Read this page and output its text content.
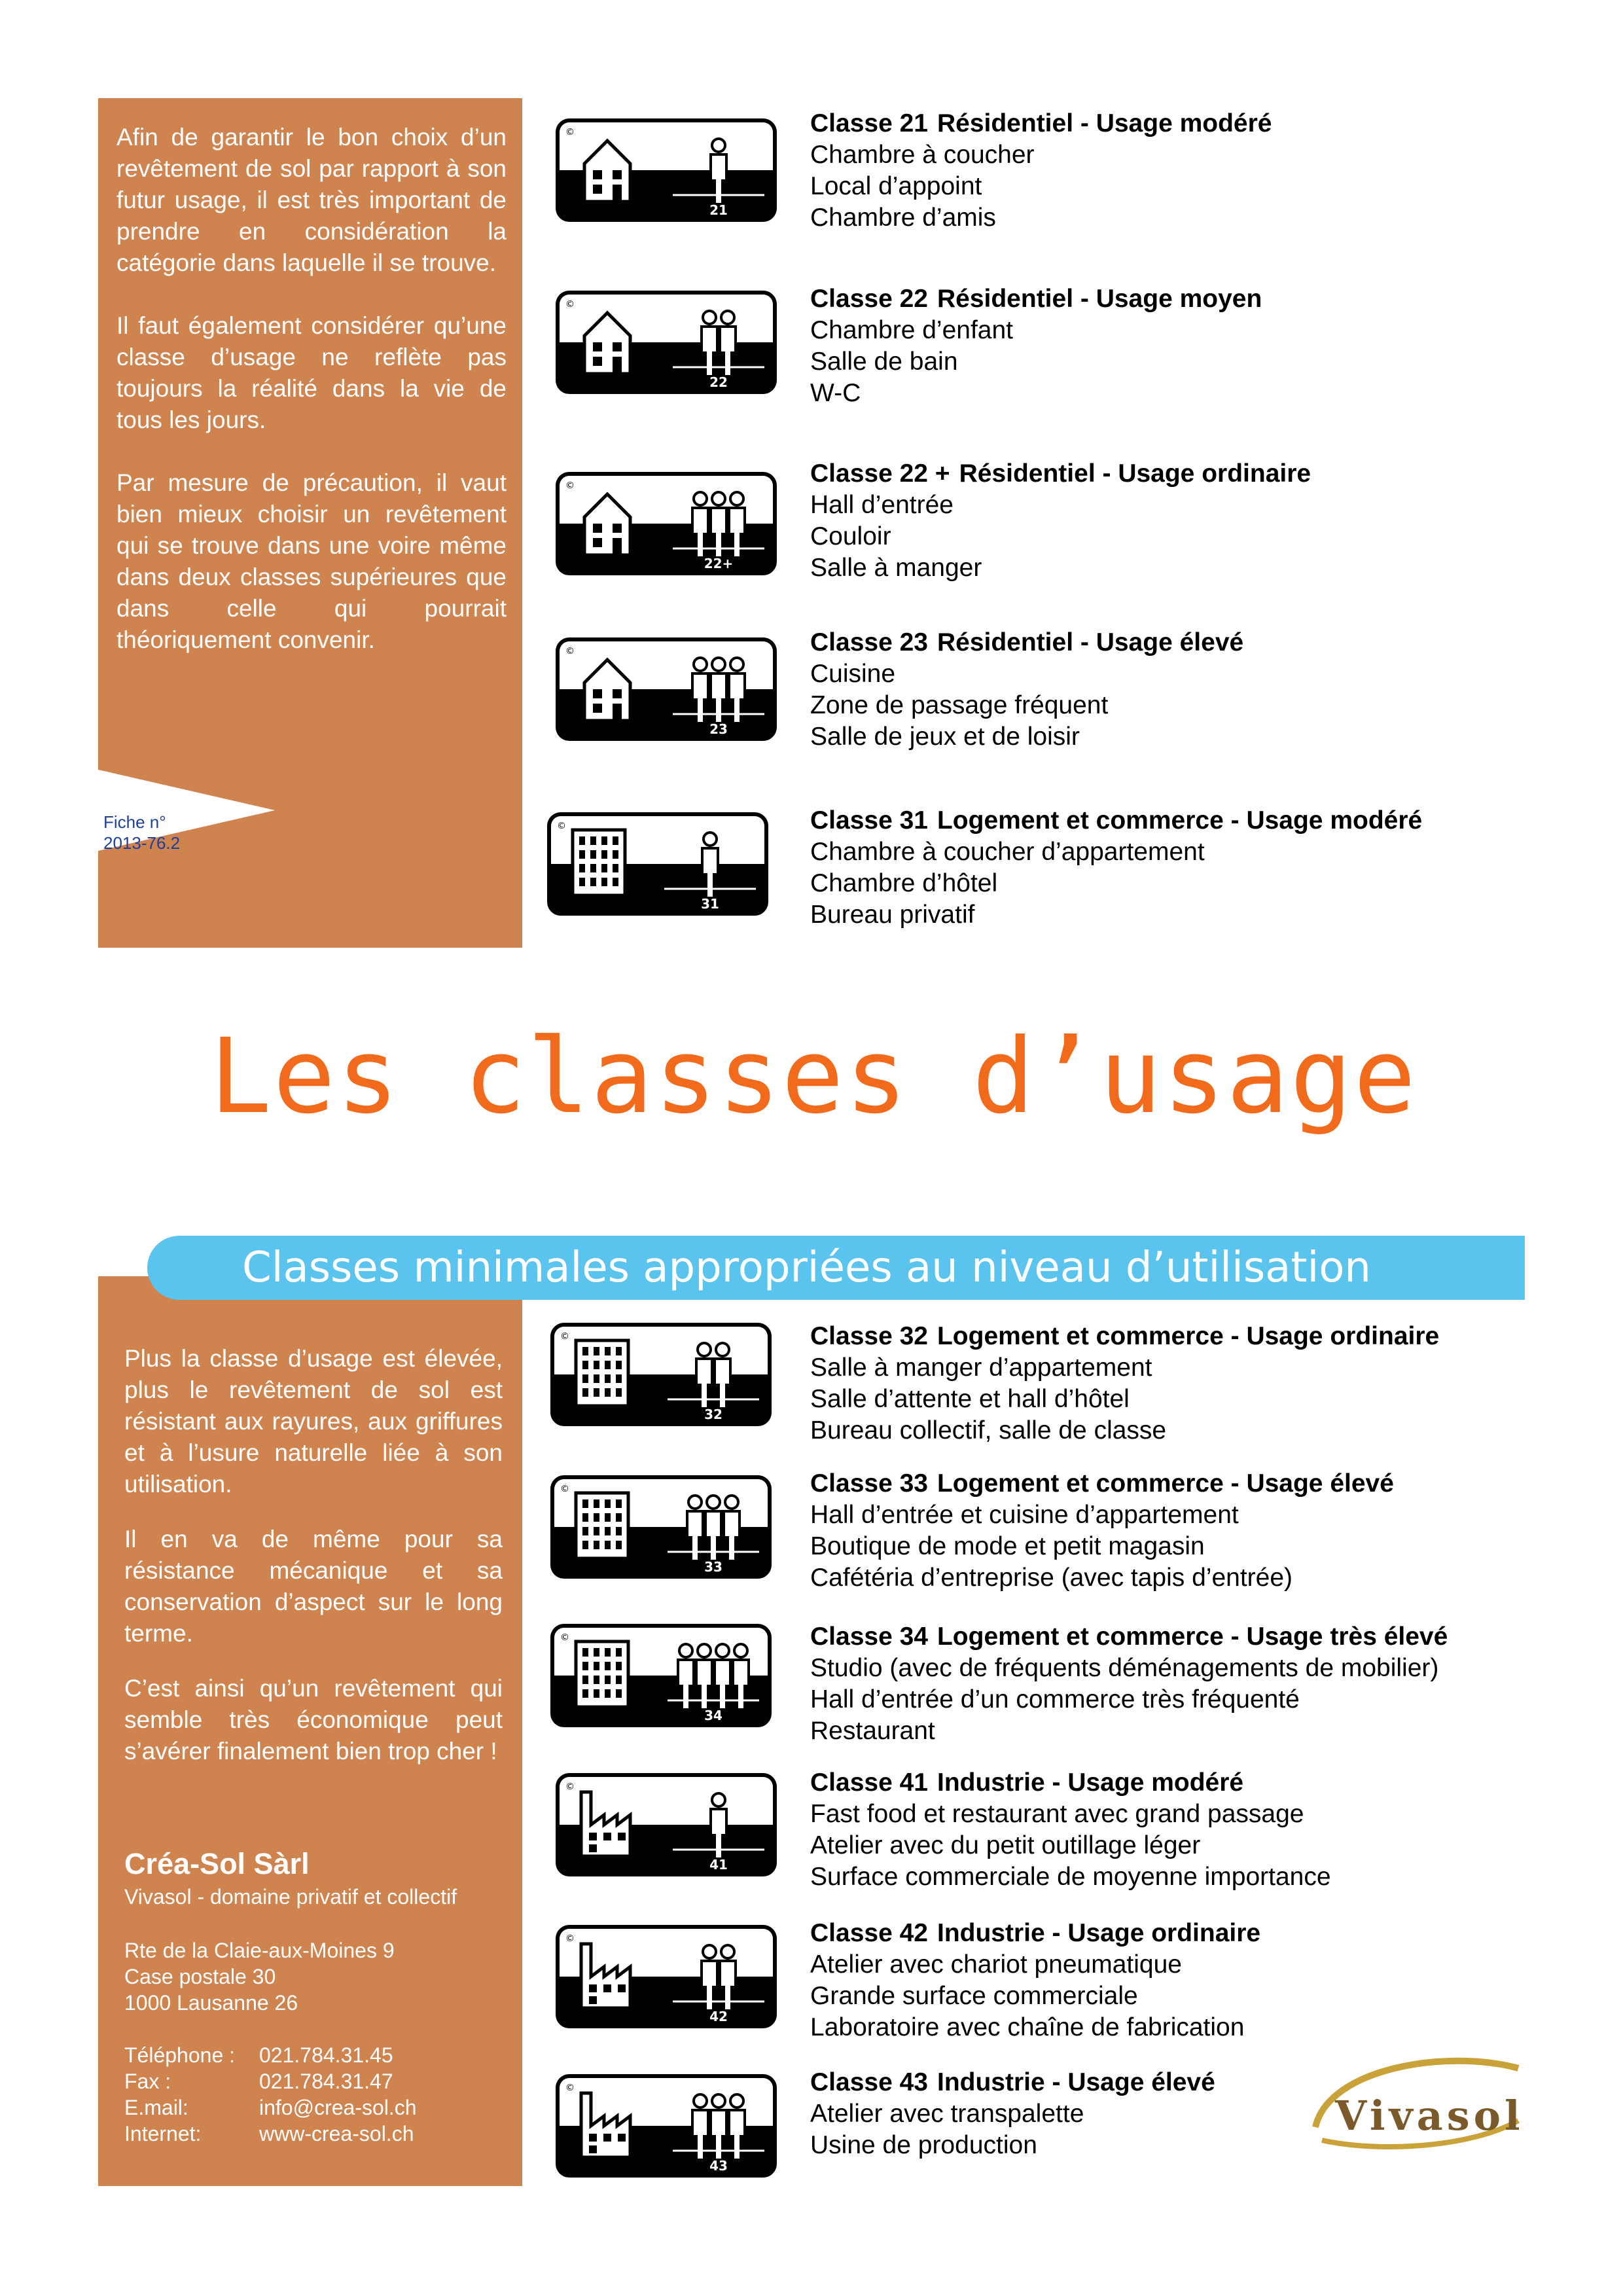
Fiche n°
2013-76.2

Afin de garantir le bon choix d’un revêtement de sol par rapport à son futur usage, il est très important de prendre en considération la catégorie dans laquelle il se trouve.

Il faut également considérer qu’une classe d’usage ne reflète pas toujours la réalité dans la vie de tous les jours.

Par mesure de précaution, il vaut bien mieux choisir un revêtement qui se trouve dans une voire même dans deux classes supérieures que dans celle qui pourrait théoriquement convenir.

Plus la classe d’usage est élevée, plus le revêtement de sol est résistant aux rayures, aux griffures et à l’usure naturelle liée à son utilisation.

Il en va de même pour sa résistance mécanique et sa conservation d’aspect sur le long terme.

C’est ainsi qu’un revêtement qui semble très économique peut s’avérer finalement bien trop cher !

Créa-Sol Sàrl
Vivasol - domaine privatif et collectif
Rte de la Claie-aux-Moines 9
Case postale 30
1000 Lausanne 26
Téléphone :	021.784.31.45
Fax :	021.784.31.47
E.mail:	info@crea-sol.ch
Internet:	www-crea-sol.ch
Les classes d’usage
Classes minimales appropriées au niveau d’utilisation
Classe 21 Résidentiel - Usage modéré
Chambre à coucher
Local d’appoint
Chambre d’amis
Classe 22 Résidentiel - Usage moyen
Chambre d’enfant
Salle de bain
W-C
Classe 22 + Résidentiel - Usage ordinaire
Hall d’entrée
Couloir
Salle à manger
Classe 23 Résidentiel - Usage élevé
Cuisine
Zone de passage fréquent
Salle de jeux et de loisir
Classe 31 Logement et commerce - Usage modéré
Chambre à coucher d’appartement
Chambre d’hôtel
Bureau privatif
Classe 32 Logement et commerce - Usage ordinaire
Salle à manger d’appartement
Salle d’attente et hall d’hôtel
Bureau collectif, salle de classe
Classe 33 Logement et commerce - Usage élevé
Hall d’entrée et cuisine d’appartement
Boutique de mode et petit magasin
Cafétéria d’entreprise (avec tapis d’entrée)
Classe 34 Logement et commerce - Usage très élevé
Studio (avec de fréquents déménagements de mobilier)
Hall d’entrée d’un commerce très fréquenté
Restaurant
Classe 41 Industrie - Usage modéré
Fast food et restaurant avec grand passage
Atelier avec du petit outillage léger
Surface commerciale de moyenne importance
Classe 42 Industrie - Usage ordinaire
Atelier avec chariot pneumatique
Grande surface commerciale
Laboratoire avec chaîne de fabrication
Classe 43 Industrie - Usage élevé
Atelier avec transpalette
Usine de production
©
21
©
22
©
22+
©
23
©
31
©
32
©
33
©
34
©
41
©
42
©
43
Vivasol
